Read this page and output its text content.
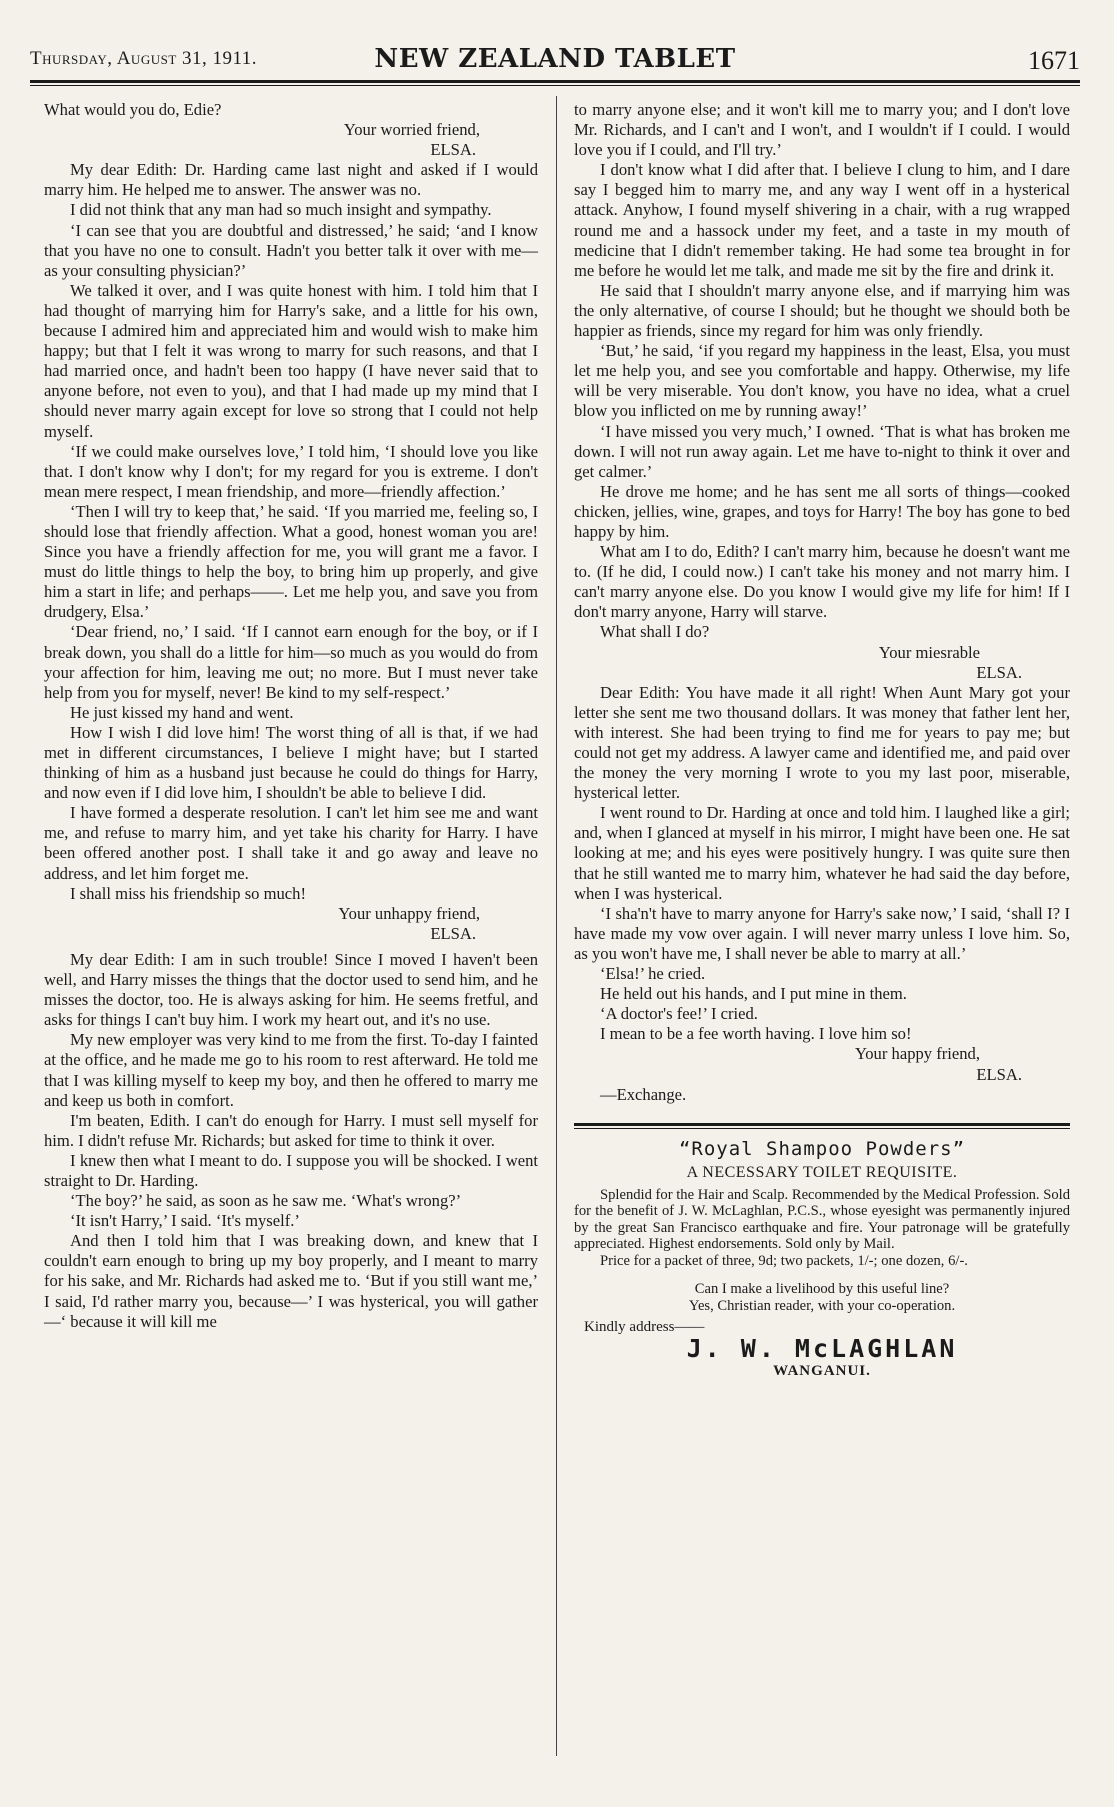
Thursday, August 31, 1911.	NEW ZEALAND TABLET	1671

What would you do, Edie?

Your worried friend,

ELSA.

My dear Edith: Dr. Harding came last night and asked if I would marry him. He helped me to answer. The answer was no.

I did not think that any man had so much insight and sympathy.

‘I can see that you are doubtful and distressed,’ he said; ‘and I know that you have no one to consult. Hadn't you better talk it over with me—as your consulting physician?’

We talked it over, and I was quite honest with him. I told him that I had thought of marrying him for Harry's sake, and a little for his own, because I admired him and appreciated him and would wish to make him happy; but that I felt it was wrong to marry for such reasons, and that I had married once, and hadn't been too happy (I have never said that to anyone before, not even to you), and that I had made up my mind that I should never marry again except for love so strong that I could not help myself.

‘If we could make ourselves love,’ I told him, ‘I should love you like that. I don't know why I don't; for my regard for you is extreme. I don't mean mere respect, I mean friendship, and more—friendly affection.’

‘Then I will try to keep that,’ he said. ‘If you married me, feeling so, I should lose that friendly affection. What a good, honest woman you are! Since you have a friendly affection for me, you will grant me a favor. I must do little things to help the boy, to bring him up properly, and give him a start in life; and perhaps——. Let me help you, and save you from drudgery, Elsa.’

‘Dear friend, no,’ I said. ‘If I cannot earn enough for the boy, or if I break down, you shall do a little for him—so much as you would do from your affection for him, leaving me out; no more. But I must never take help from you for myself, never! Be kind to my self-respect.’

He just kissed my hand and went.

How I wish I did love him! The worst thing of all is that, if we had met in different circumstances, I believe I might have; but I started thinking of him as a husband just because he could do things for Harry, and now even if I did love him, I shouldn't be able to believe I did.

I have formed a desperate resolution. I can't let him see me and want me, and refuse to marry him, and yet take his charity for Harry. I have been offered another post. I shall take it and go away and leave no address, and let him forget me.

I shall miss his friendship so much!

Your unhappy friend,

ELSA.

My dear Edith: I am in such trouble! Since I moved I haven't been well, and Harry misses the things that the doctor used to send him, and he misses the doctor, too. He is always asking for him. He seems fretful, and asks for things I can't buy him. I work my heart out, and it's no use.

My new employer was very kind to me from the first. To-day I fainted at the office, and he made me go to his room to rest afterward. He told me that I was killing myself to keep my boy, and then he offered to marry me and keep us both in comfort.

I'm beaten, Edith. I can't do enough for Harry. I must sell myself for him. I didn't refuse Mr. Richards; but asked for time to think it over.

I knew then what I meant to do. I suppose you will be shocked. I went straight to Dr. Harding.

‘The boy?’ he said, as soon as he saw me. ‘What's wrong?’

‘It isn't Harry,’ I said. ‘It's myself.’

And then I told him that I was breaking down, and knew that I couldn't earn enough to bring up my boy properly, and I meant to marry for his sake, and Mr. Richards had asked me to. ‘But if you still want me,’ I said, I'd rather marry you, because—’ I was hysterical, you will gather—‘ because it will kill me

to marry anyone else; and it won't kill me to marry you; and I don't love Mr. Richards, and I can't and I won't, and I wouldn't if I could. I would love you if I could, and I'll try.’

I don't know what I did after that. I believe I clung to him, and I dare say I begged him to marry me, and any way I went off in a hysterical attack. Anyhow, I found myself shivering in a chair, with a rug wrapped round me and a hassock under my feet, and a taste in my mouth of medicine that I didn't remember taking. He had some tea brought in for me before he would let me talk, and made me sit by the fire and drink it.

He said that I shouldn't marry anyone else, and if marrying him was the only alternative, of course I should; but he thought we should both be happier as friends, since my regard for him was only friendly.

‘But,’ he said, ‘if you regard my happiness in the least, Elsa, you must let me help you, and see you comfortable and happy. Otherwise, my life will be very miserable. You don't know, you have no idea, what a cruel blow you inflicted on me by running away!’

‘I have missed you very much,’ I owned. ‘That is what has broken me down. I will not run away again. Let me have to-night to think it over and get calmer.’

He drove me home; and he has sent me all sorts of things—cooked chicken, jellies, wine, grapes, and toys for Harry! The boy has gone to bed happy by him.

What am I to do, Edith? I can't marry him, because he doesn't want me to. (If he did, I could now.) I can't take his money and not marry him. I can't marry anyone else. Do you know I would give my life for him! If I don't marry anyone, Harry will starve.

What shall I do?

Your miesrable

ELSA.

Dear Edith: You have made it all right! When Aunt Mary got your letter she sent me two thousand dollars. It was money that father lent her, with interest. She had been trying to find me for years to pay me; but could not get my address. A lawyer came and identified me, and paid over the money the very morning I wrote to you my last poor, miserable, hysterical letter.

I went round to Dr. Harding at once and told him. I laughed like a girl; and, when I glanced at myself in his mirror, I might have been one. He sat looking at me; and his eyes were positively hungry. I was quite sure then that he still wanted me to marry him, whatever he had said the day before, when I was hysterical.

‘I sha'n't have to marry anyone for Harry's sake now,’ I said, ‘shall I? I have made my vow over again. I will never marry unless I love him. So, as you won't have me, I shall never be able to marry at all.’

‘Elsa!’ he cried.

He held out his hands, and I put mine in them.

‘A doctor's fee!’ I cried.

I mean to be a fee worth having. I love him so!

Your happy friend,

ELSA.

—Exchange.

“Royal Shampoo Powders”
A NECESSARY TOILET REQUISITE.

Splendid for the Hair and Scalp. Recommended by the Medical Profession. Sold for the benefit of J. W. McLaghlan, P.C.S., whose eyesight was permanently injured by the great San Francisco earthquake and fire. Your patronage will be gratefully appreciated. Highest endorsements. Sold only by Mail.

Price for a packet of three, 9d; two packets, 1/-; one dozen, 6/-.

Can I make a livelihood by this useful line?
Yes, Christian reader, with your co-operation.
Kindly address——
J. W. McLAGHLAN
WANGANUI.
